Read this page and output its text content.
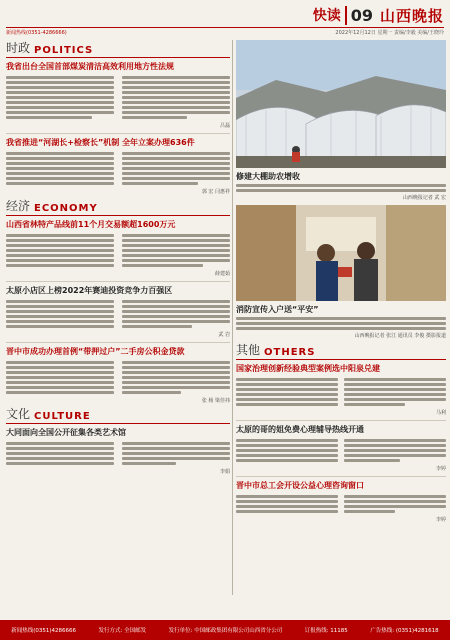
快读 09 山西晚报
新闻热线(0351-4286666)	2022年12月12日 星期一 责编/李毅 美编/王晓玲
时政 POLITICS
我省出台全国首部煤炭清洁高效利用地方性法规
吕磊
我省推进“河湖长+检察长”机制 全年立案办理636件
郭 宏 闫惠祥
经济 ECONOMY
山西省林特产品线前11个月交易额超1600万元
薛建茹
太原小店区上榜2022年赛迪投资竞争力百强区
武 岩
晋中市成功办理首例“带押过户”二手房公积金贷款
张 杨 梁佳祎
文化 CULTURE
大同面向全国公开征集各类艺术馆
李娟
修建大棚助农增收
山西晚报记者 武 宏
消防宣传入户送“平安”
山西晚报记者 张江 通讯员 李俊 摄影报道
其他 OTHERS
国家治理创新经验典型案例选中阳泉兑建
马利
太原的哥的姐免费心理辅导热线开通
李婷
晋中市总工会开设公益心理咨询窗口
李婷
新闻热线(0351)4286666	发行方式: 全国邮发	发行单位: 中国邮政集团有限公司山西省分公司	订报热线: 11185	广告热线: (0351)4281618
